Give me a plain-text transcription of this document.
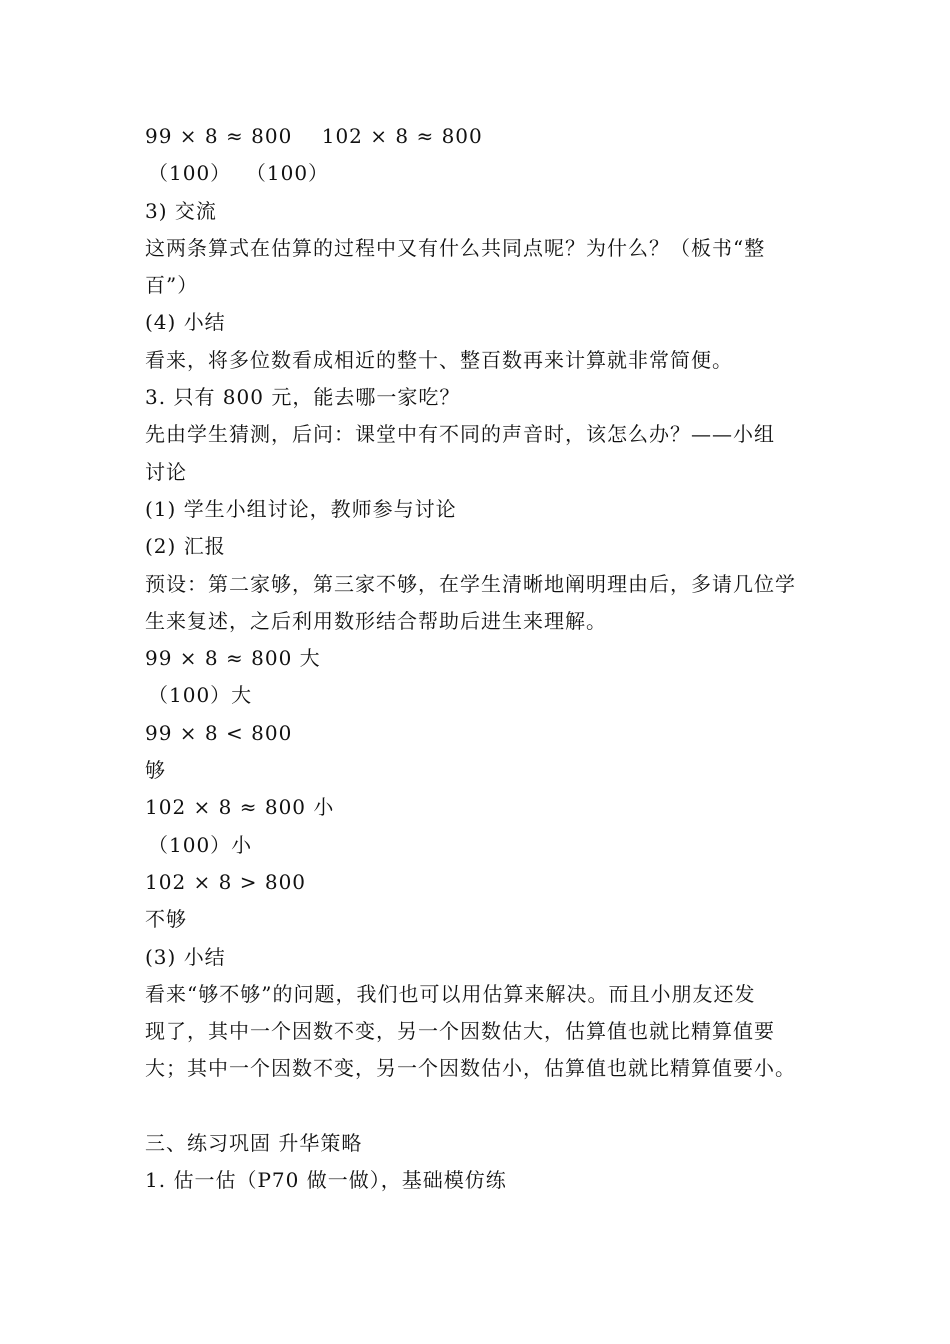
99 × 8 ≈ 800    102 × 8 ≈ 800
（100）  （100）
3) 交流
这两条算式在估算的过程中又有什么共同点呢？为什么？（板书“整
百”）
(4) 小结
看来，将多位数看成相近的整十、整百数再来计算就非常简便。
3. 只有 800 元，能去哪一家吃？
先由学生猜测，后问：课堂中有不同的声音时，该怎么办？——小组
讨论
(1) 学生小组讨论，教师参与讨论
(2) 汇报
预设：第二家够，第三家不够，在学生清晰地阐明理由后，多请几位学
生来复述，之后利用数形结合帮助后进生来理解。
99 × 8 ≈ 800 大
（100）大
99 × 8 < 800
够
102 × 8 ≈ 800 小
（100）小
102 × 8 > 800
不够
(3) 小结
看来“够不够”的问题，我们也可以用估算来解决。而且小朋友还发
现了，其中一个因数不变，另一个因数估大，估算值也就比精算值要
大；其中一个因数不变，另一个因数估小，估算值也就比精算值要小。
三、练习巩固 升华策略
1. 估一估（P70 做一做），基础模仿练
